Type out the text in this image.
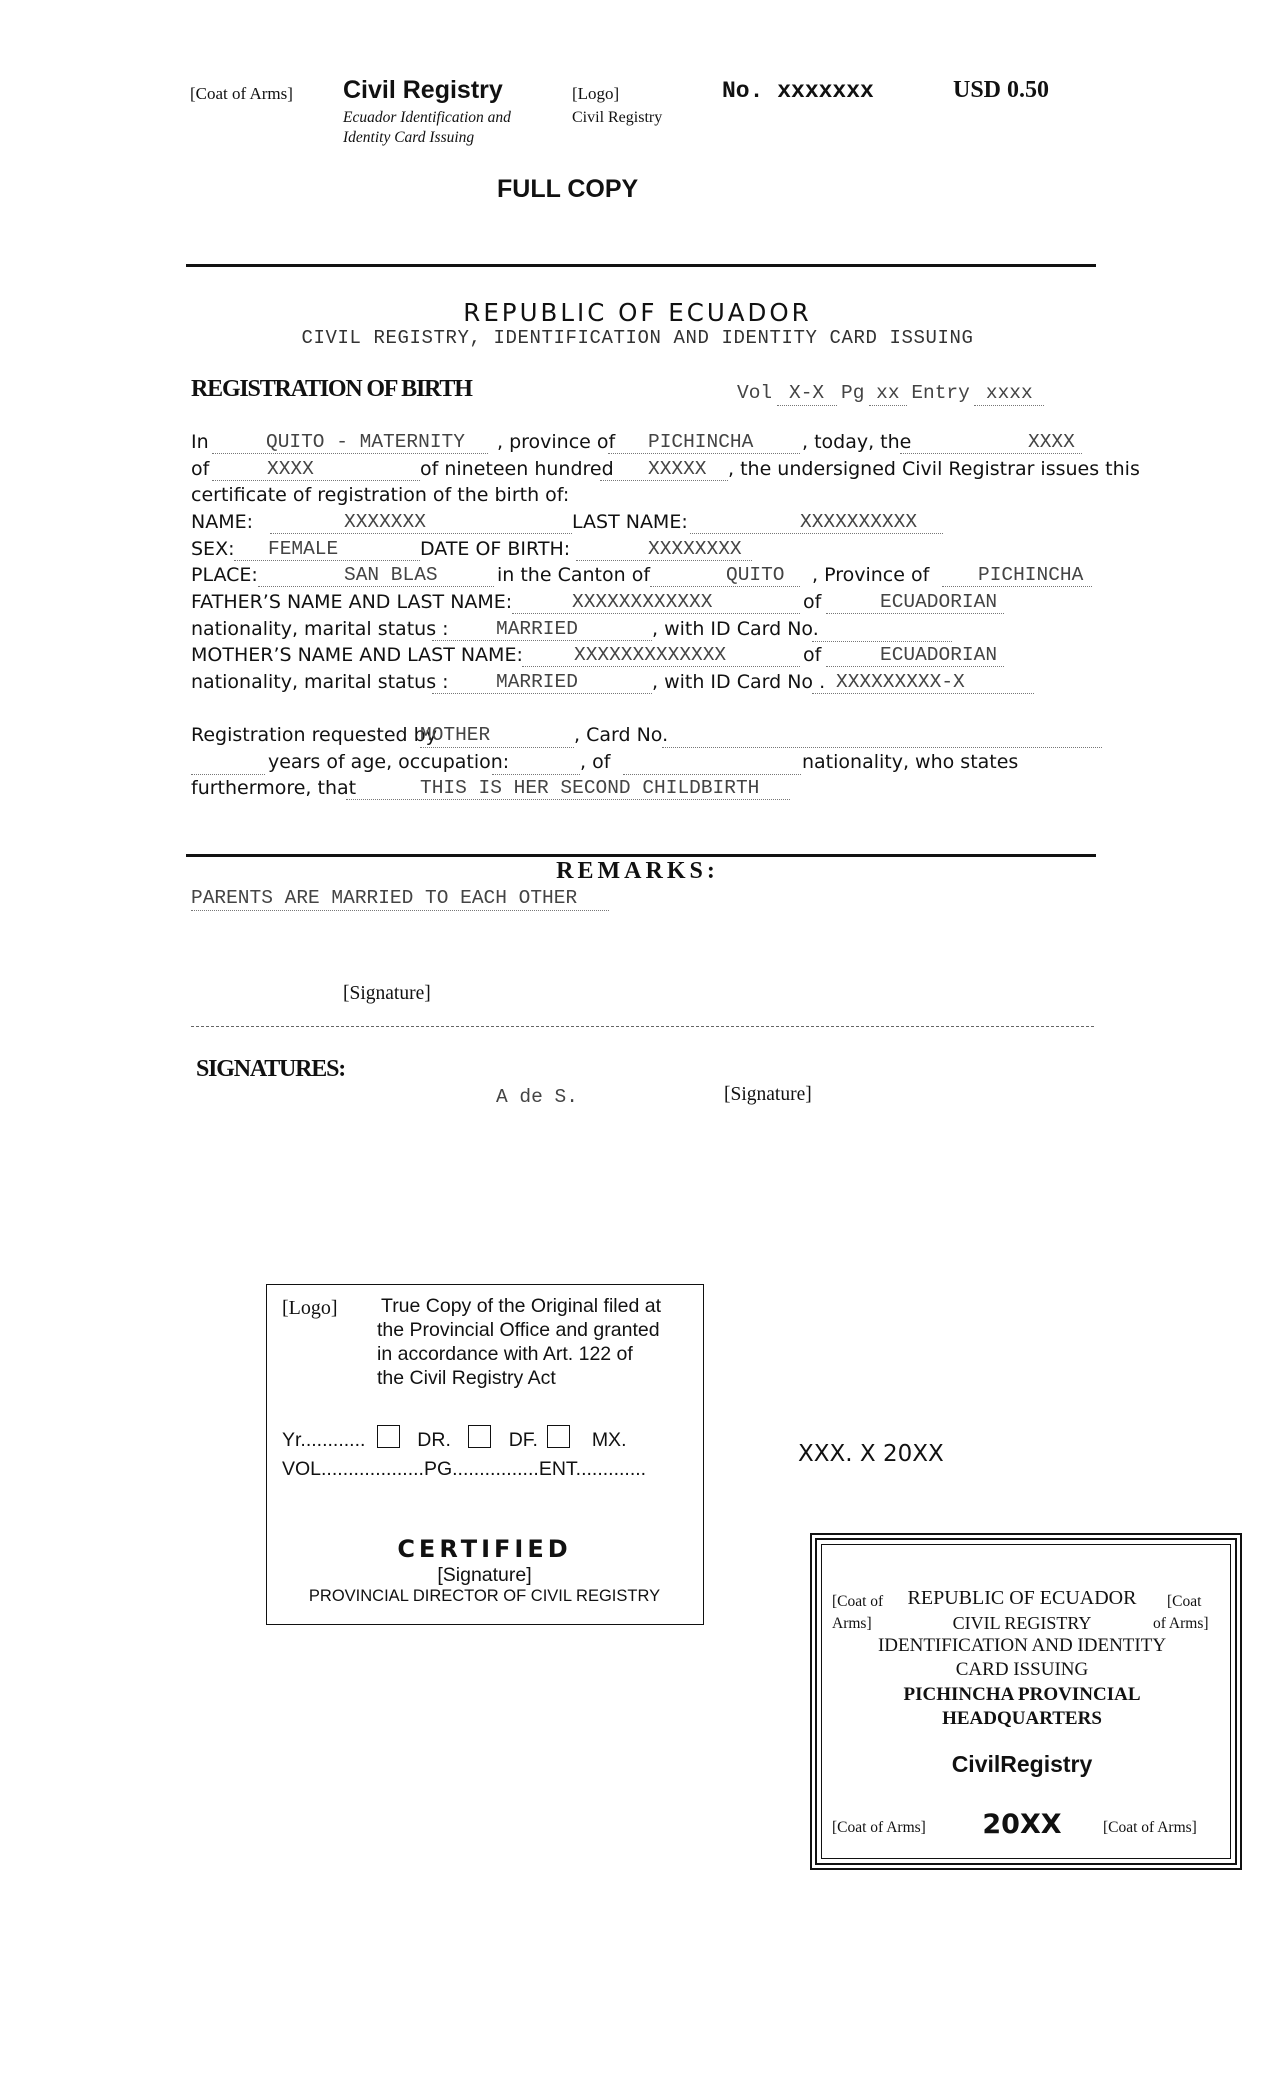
[Coat of Arms] Civil Registry
Ecuador Identification and
Identity Card Issuing
[Logo]
Civil Registry
No. xxxxxxx	USD 0.50
FULL COPY
REPUBLIC OF ECUADOR
CIVIL REGISTRY, IDENTIFICATION AND IDENTITY CARD ISSUING
REGISTRATION OF BIRTH	Vol X-X Pg xx Entry xxxx
In	QUITO - MATERNITY	, province of	PICHINCHA	, today, the	XXXX
of	XXXX	of nineteen hundred	XXXXX	, the undersigned Civil Registrar issues this
certificate of registration of the birth of:
NAME:	XXXXXXX	LAST NAME:	XXXXXXXXXX
SEX:	FEMALE	DATE OF BIRTH:	XXXXXXXX
PLACE:	SAN BLAS	in the Canton of	QUITO	, Province of	PICHINCHA
FATHER’S NAME AND LAST NAME:	XXXXXXXXXXXX	of	ECUADORIAN
nationality, marital status :	MARRIED	, with ID Card No.
MOTHER’S NAME AND LAST NAME:	XXXXXXXXXXXXX	of	ECUADORIAN
nationality, marital status :	MARRIED	, with ID Card No . XXXXXXXXX-X
Registration requested by
MOTHER	, Card No.
years of age, occupation:	, of	nationality, who states
furthermore, that	THIS IS HER SECOND CHILDBIRTH
REMARKS:
PARENTS ARE MARRIED TO EACH OTHER
[Signature]
SIGNATURES:
A de S.	[Signature]
[Logo] True Copy of the Original filed at
the Provincial Office and granted
in accordance with Art. 122 of
the Civil Registry Act
Yr............	DR.	DF.	MX.
VOL...................PG................ENT.............
CERTIFIED
[Signature]
PROVINCIAL DIRECTOR OF CIVIL REGISTRY
XXX. X 20XX
[Coat of
Arms]
[Coat
of Arms]
REPUBLIC OF ECUADOR
CIVIL REGISTRY
IDENTIFICATION AND IDENTITY
CARD ISSUING
PICHINCHA PROVINCIAL
HEADQUARTERS
CivilRegistry
[Coat of Arms]	20XX	[Coat of Arms]
